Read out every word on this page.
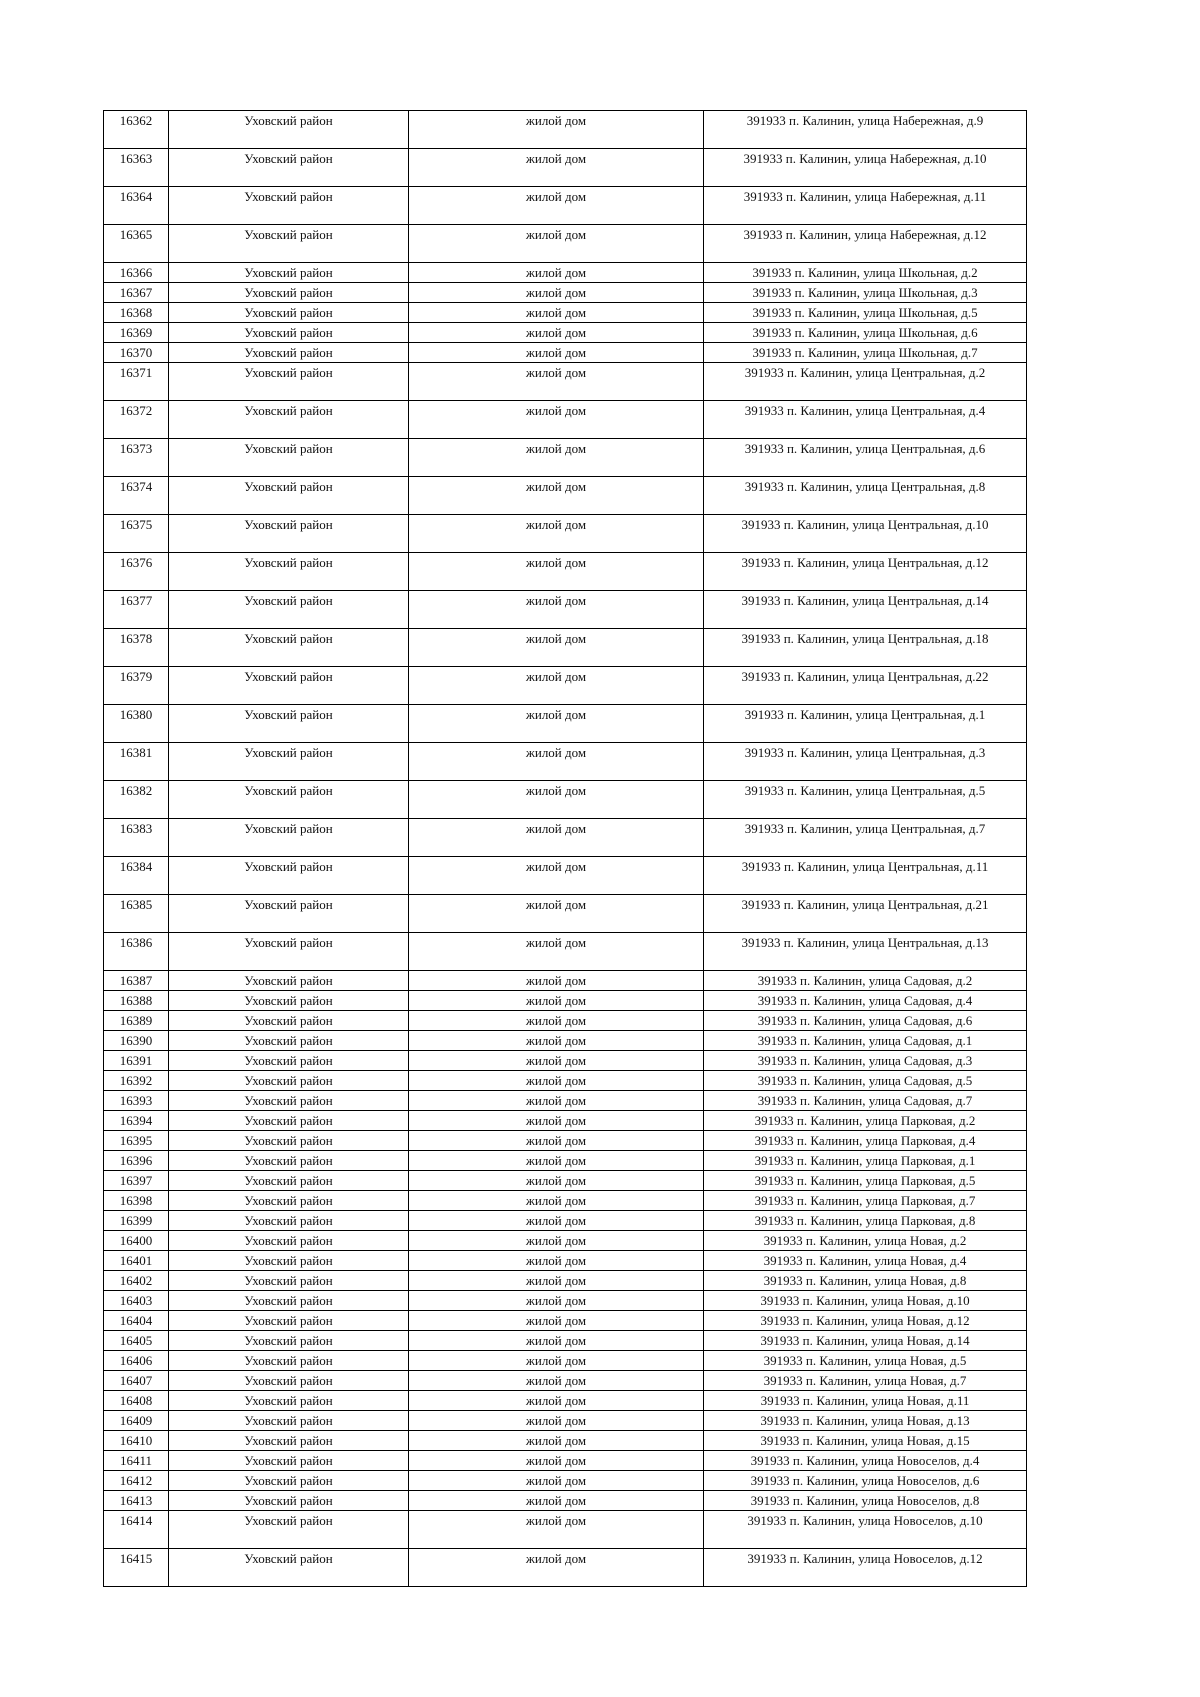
16362	Уховский район	жилой дом	391933 п. Калинин, улица Набережная, д.9
16363	Уховский район	жилой дом	391933 п. Калинин, улица Набережная, д.10
16364	Уховский район	жилой дом	391933 п. Калинин, улица Набережная, д.11
16365	Уховский район	жилой дом	391933 п. Калинин, улица Набережная, д.12
16366	Уховский район	жилой дом	391933 п. Калинин, улица Школьная, д.2
16367	Уховский район	жилой дом	391933 п. Калинин, улица Школьная, д.3
16368	Уховский район	жилой дом	391933 п. Калинин, улица Школьная, д.5
16369	Уховский район	жилой дом	391933 п. Калинин, улица Школьная, д.6
16370	Уховский район	жилой дом	391933 п. Калинин, улица Школьная, д.7
16371	Уховский район	жилой дом	391933 п. Калинин, улица Центральная, д.2
16372	Уховский район	жилой дом	391933 п. Калинин, улица Центральная, д.4
16373	Уховский район	жилой дом	391933 п. Калинин, улица Центральная, д.6
16374	Уховский район	жилой дом	391933 п. Калинин, улица Центральная, д.8
16375	Уховский район	жилой дом	391933 п. Калинин, улица Центральная, д.10
16376	Уховский район	жилой дом	391933 п. Калинин, улица Центральная, д.12
16377	Уховский район	жилой дом	391933 п. Калинин, улица Центральная, д.14
16378	Уховский район	жилой дом	391933 п. Калинин, улица Центральная, д.18
16379	Уховский район	жилой дом	391933 п. Калинин, улица Центральная, д.22
16380	Уховский район	жилой дом	391933 п. Калинин, улица Центральная, д.1
16381	Уховский район	жилой дом	391933 п. Калинин, улица Центральная, д.3
16382	Уховский район	жилой дом	391933 п. Калинин, улица Центральная, д.5
16383	Уховский район	жилой дом	391933 п. Калинин, улица Центральная, д.7
16384	Уховский район	жилой дом	391933 п. Калинин, улица Центральная, д.11
16385	Уховский район	жилой дом	391933 п. Калинин, улица Центральная, д.21
16386	Уховский район	жилой дом	391933 п. Калинин, улица Центральная, д.13
16387	Уховский район	жилой дом	391933 п. Калинин, улица Садовая, д.2
16388	Уховский район	жилой дом	391933 п. Калинин, улица Садовая, д.4
16389	Уховский район	жилой дом	391933 п. Калинин, улица Садовая, д.6
16390	Уховский район	жилой дом	391933 п. Калинин, улица Садовая, д.1
16391	Уховский район	жилой дом	391933 п. Калинин, улица Садовая, д.3
16392	Уховский район	жилой дом	391933 п. Калинин, улица Садовая, д.5
16393	Уховский район	жилой дом	391933 п. Калинин, улица Садовая, д.7
16394	Уховский район	жилой дом	391933 п. Калинин, улица Парковая, д.2
16395	Уховский район	жилой дом	391933 п. Калинин, улица Парковая, д.4
16396	Уховский район	жилой дом	391933 п. Калинин, улица Парковая, д.1
16397	Уховский район	жилой дом	391933 п. Калинин, улица Парковая, д.5
16398	Уховский район	жилой дом	391933 п. Калинин, улица Парковая, д.7
16399	Уховский район	жилой дом	391933 п. Калинин, улица Парковая, д.8
16400	Уховский район	жилой дом	391933 п. Калинин, улица Новая, д.2
16401	Уховский район	жилой дом	391933 п. Калинин, улица Новая, д.4
16402	Уховский район	жилой дом	391933 п. Калинин, улица Новая, д.8
16403	Уховский район	жилой дом	391933 п. Калинин, улица Новая, д.10
16404	Уховский район	жилой дом	391933 п. Калинин, улица Новая, д.12
16405	Уховский район	жилой дом	391933 п. Калинин, улица Новая, д.14
16406	Уховский район	жилой дом	391933 п. Калинин, улица Новая, д.5
16407	Уховский район	жилой дом	391933 п. Калинин, улица Новая, д.7
16408	Уховский район	жилой дом	391933 п. Калинин, улица Новая, д.11
16409	Уховский район	жилой дом	391933 п. Калинин, улица Новая, д.13
16410	Уховский район	жилой дом	391933 п. Калинин, улица Новая, д.15
16411	Уховский район	жилой дом	391933 п. Калинин, улица Новоселов, д.4
16412	Уховский район	жилой дом	391933 п. Калинин, улица Новоселов, д.6
16413	Уховский район	жилой дом	391933 п. Калинин, улица Новоселов, д.8
16414	Уховский район	жилой дом	391933 п. Калинин, улица Новоселов, д.10
16415	Уховский район	жилой дом	391933 п. Калинин, улица Новоселов, д.12
